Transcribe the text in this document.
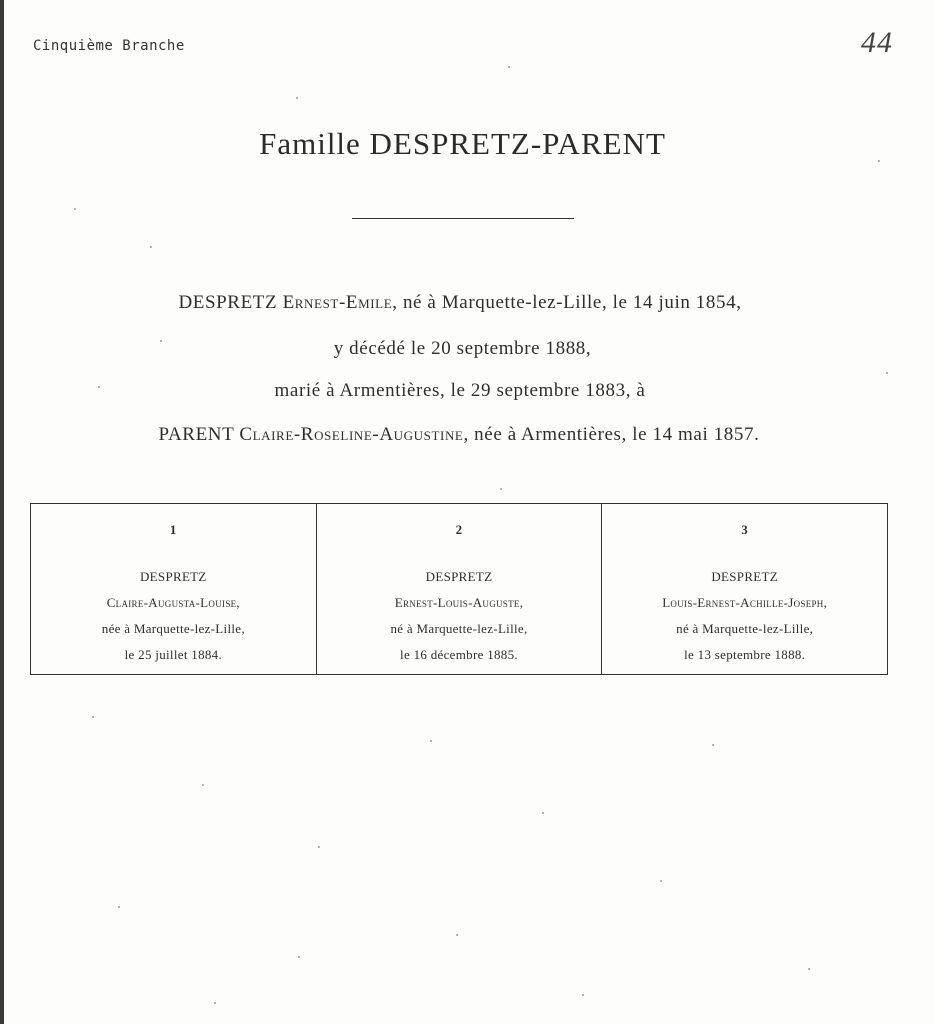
Cinquième Branche	44
Famille DESPRETZ-PARENT
DESPRETZ Ernest-Emile, né à Marquette-lez-Lille, le 14 juin 1854,
y décédé le 20 septembre 1888,
marié à Armentières, le 29 septembre 1883, à
PARENT Claire-Roseline-Augustine, née à Armentières, le 14 mai 1857.
1
DESPRETZ
Claire-Augusta-Louise,
née à Marquette-lez-Lille,
le 25 juillet 1884.
2
DESPRETZ
Ernest-Louis-Auguste,
né à Marquette-lez-Lille,
le 16 décembre 1885.
3
DESPRETZ
Louis-Ernest-Achille-Joseph,
né à Marquette-lez-Lille,
le 13 septembre 1888.
